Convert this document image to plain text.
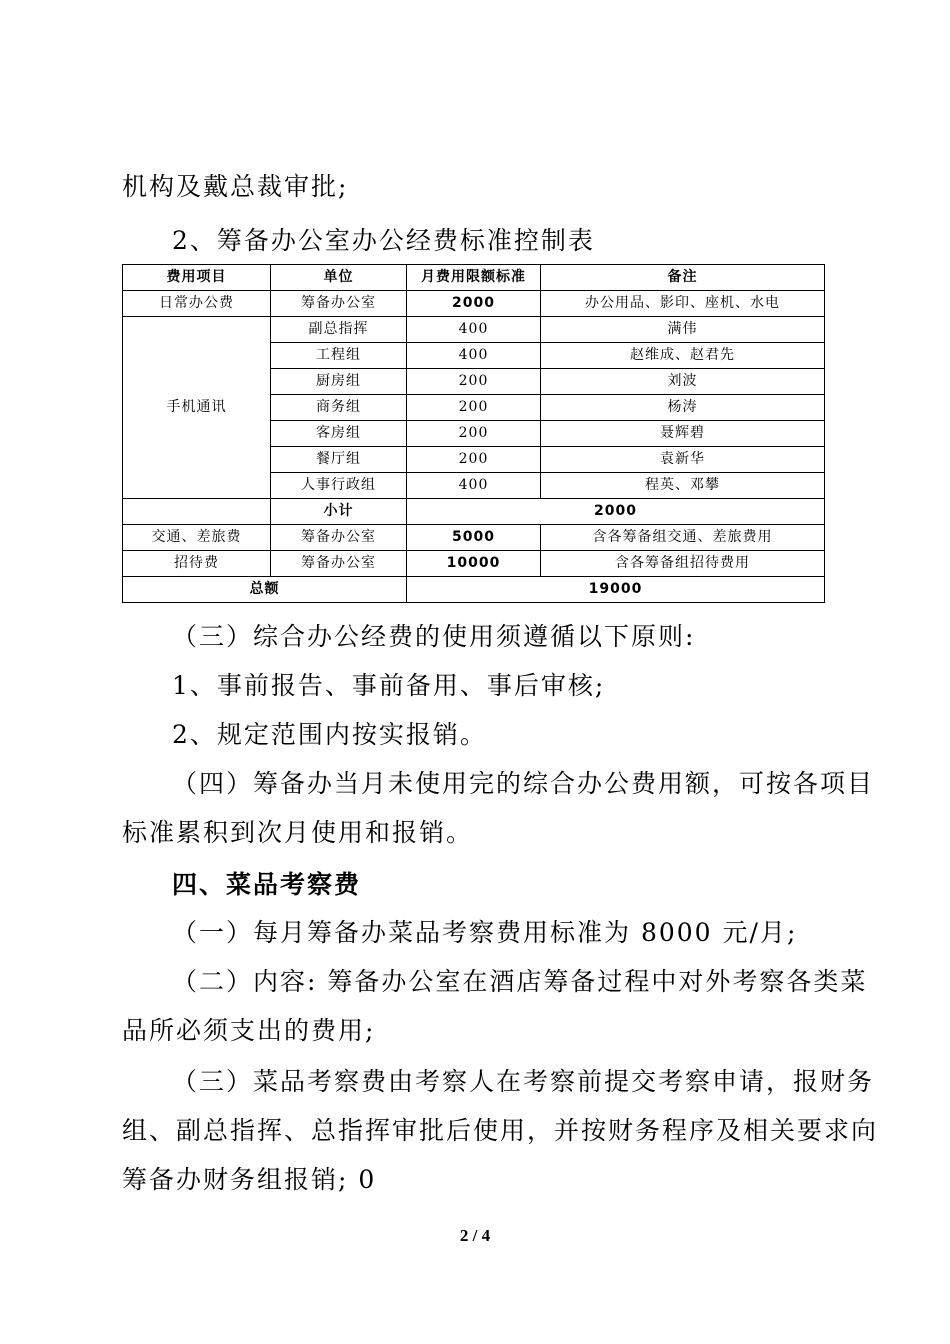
机构及戴总裁审批;
2、筹备办公室办公经费标准控制表
费用项目	单位	月费用限额标准	备注
日常办公费	筹备办公室	2000	办公用品、影印、座机、水电
手机通讯	副总指挥	400	满伟
	工程组	400	赵维成、赵君先
	厨房组	200	刘波
	商务组	200	杨涛
	客房组	200	聂辉碧
	餐厅组	200	袁新华
	人事行政组	400	程英、邓攀
	小计	2000	
交通、差旅费	筹备办公室	5000	含各筹备组交通、差旅费用
招待费	筹备办公室	10000	含各筹备组招待费用
总额		19000	
（三）综合办公经费的使用须遵循以下原则:
1、事前报告、事前备用、事后审核;
2、规定范围内按实报销。
（四）筹备办当月未使用完的综合办公费用额，可按各项目
标准累积到次月使用和报销。
四、菜品考察费
（一）每月筹备办菜品考察费用标准为 8000 元/月;
（二）内容: 筹备办公室在酒店筹备过程中对外考察各类菜
品所必须支出的费用;
（三）菜品考察费由考察人在考察前提交考察申请，报财务
组、副总指挥、总指挥审批后使用，并按财务程序及相关要求向
筹备办财务组报销; 0
2 / 4
